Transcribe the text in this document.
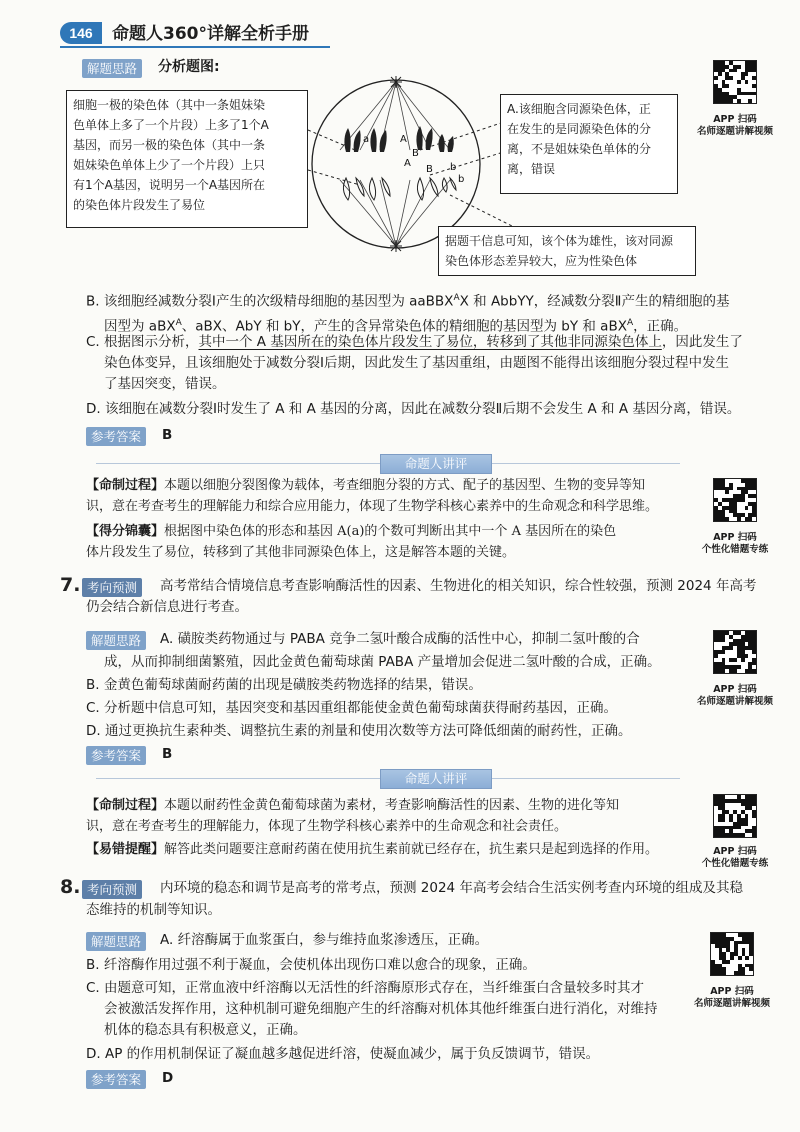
146	命题人360°详解全析手册
解题思路	分析题图:
细胞一极的染色体（其中一条姐妹染
色单体上多了一个片段）上多了1个A
基因，而另一极的染色体（其中一条
姐妹染色单体上少了一个片段）上只
有1个A基因，说明另一个A基因所在
的染色体片段发生了易位
a	A
A
B
B b
b
A.该细胞含同源染色体，正
在发生的是同源染色体的分
离，不是姐妹染色单体的分
离，错误
据题干信息可知，该个体为雄性，该对同源
染色体形态差异较大，应为性染色体
APP 扫码
名师逐题讲解视频
B. 该细胞经减数分裂Ⅰ产生的次级精母细胞的基因型为 aaBBX$^A$X 和 AbbYY，经减数分裂Ⅱ产生的精细胞的基
因型为 aBX$^A$、aBX、AbY 和 bY，产生的含异常染色体的精细胞的基因型为 bY 和 aBX$^A$，正确。
C. 根据图示分析，其中一个 A 基因所在的染色体片段发生了易位，转移到了其他非同源染色体上，因此发生了
染色体变异，且该细胞处于减数分裂Ⅰ后期，因此发生了基因重组，由题图不能得出该细胞分裂过程中发生
了基因突变，错误。
D. 该细胞在减数分裂Ⅰ时发生了 A 和 A 基因的分离，因此在减数分裂Ⅱ后期不会发生 A 和 A 基因分离，错误。
参考答案	B
命题人讲评
【命制过程】本题以细胞分裂图像为载体，考查细胞分裂的方式、配子的基因型、生物的变异等知
识，意在考查考生的理解能力和综合应用能力，体现了生物学科核心素养中的生命观念和科学思维。
【得分锦囊】根据图中染色体的形态和基因 A(a)的个数可判断出其中一个 A 基因所在的染色
体片段发生了易位，转移到了其他非同源染色体上，这是解答本题的关键。
APP 扫码
个性化错题专练
7. 考向预测	高考常结合情境信息考查影响酶活性的因素、生物进化的相关知识，综合性较强，预测 2024 年高考
仍会结合新信息进行考查。
解题思路	A. 磺胺类药物通过与 PABA 竞争二氢叶酸合成酶的活性中心，抑制二氢叶酸的合
成，从而抑制细菌繁殖，因此金黄色葡萄球菌 PABA 产量增加会促进二氢叶酸的合成，正确。
B. 金黄色葡萄球菌耐药菌的出现是磺胺类药物选择的结果，错误。
C. 分析题中信息可知，基因突变和基因重组都能使金黄色葡萄球菌获得耐药基因，正确。
D. 通过更换抗生素种类、调整抗生素的剂量和使用次数等方法可降低细菌的耐药性，正确。
参考答案	B
APP 扫码
名师逐题讲解视频
命题人讲评
【命制过程】本题以耐药性金黄色葡萄球菌为素材，考查影响酶活性的因素、生物的进化等知
识，意在考查考生的理解能力，体现了生物学科核心素养中的生命观念和社会责任。
【易错提醒】解答此类问题要注意耐药菌在使用抗生素前就已经存在，抗生素只是起到选择的作用。	APP 扫码
个性化错题专练
8. 考向预测	内环境的稳态和调节是高考的常考点，预测 2024 年高考会结合生活实例考查内环境的组成及其稳
态维持的机制等知识。
解题思路	A. 纤溶酶属于血浆蛋白，参与维持血浆渗透压，正确。
B. 纤溶酶作用过强不利于凝血，会使机体出现伤口难以愈合的现象，正确。
C. 由题意可知，正常血液中纤溶酶以无活性的纤溶酶原形式存在，当纤维蛋白含量较多时其才
会被激活发挥作用，这种机制可避免细胞产生的纤溶酶对机体其他纤维蛋白进行消化，对维持
机体的稳态具有积极意义，正确。
D. AP 的作用机制保证了凝血越多越促进纤溶，使凝血减少，属于负反馈调节，错误。
参考答案	D
APP 扫码
名师逐题讲解视频
